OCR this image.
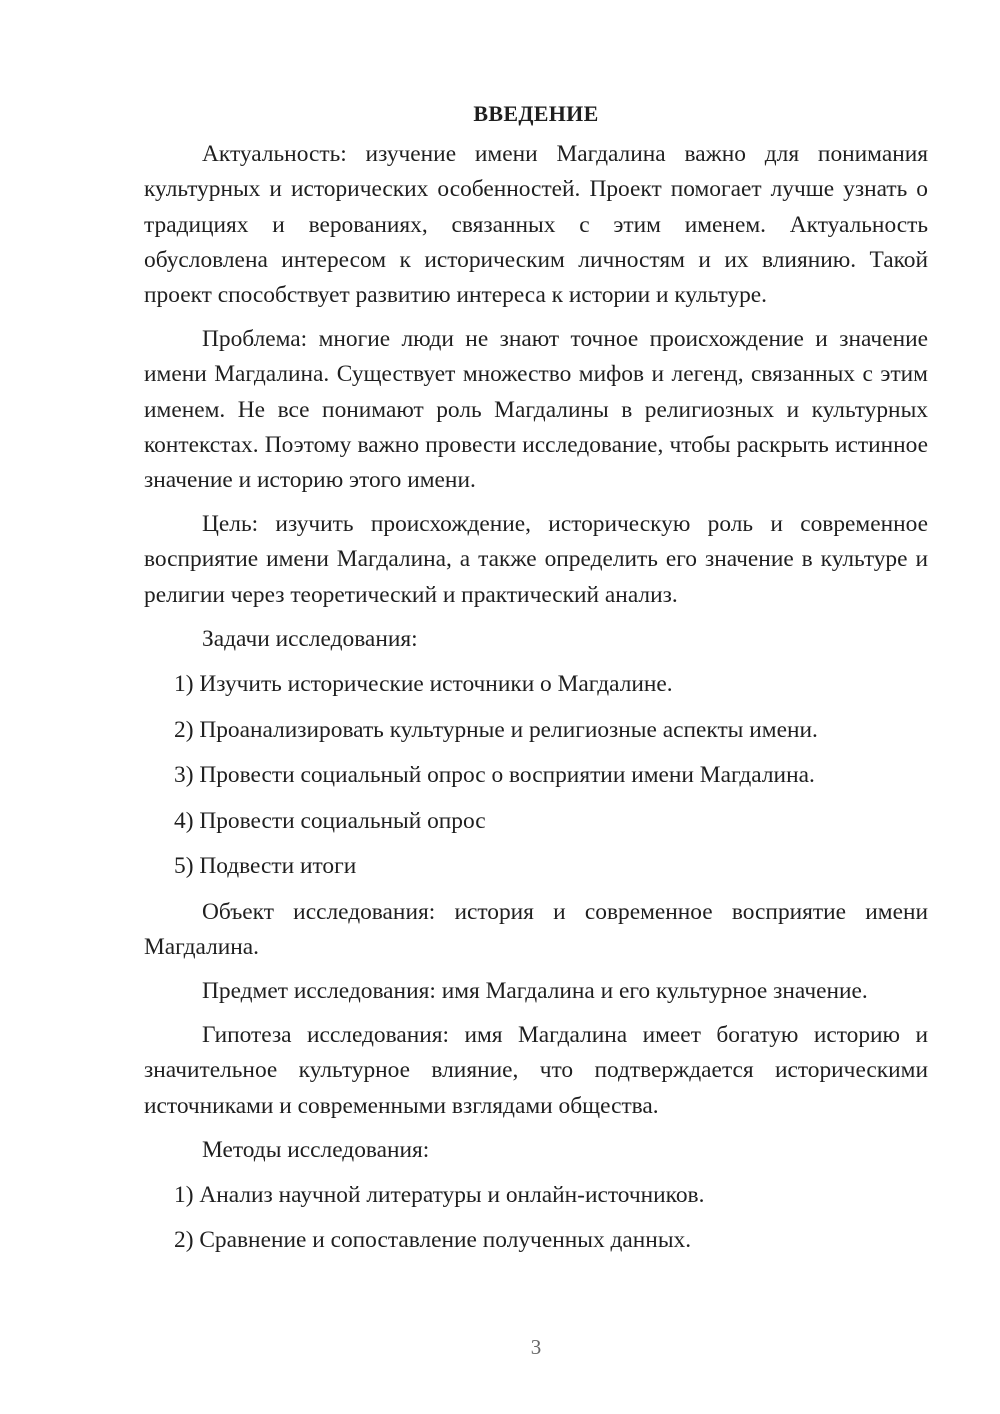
ВВЕДЕНИЕ

Актуальность: изучение имени Магдалина важно для понимания культурных и исторических особенностей. Проект помогает лучше узнать о традициях и верованиях, связанных с этим именем. Актуальность обусловлена интересом к историческим личностям и их влиянию. Такой проект способствует развитию интереса к истории и культуре.

Проблема: многие люди не знают точное происхождение и значение имени Магдалина. Существует множество мифов и легенд, связанных с этим именем. Не все понимают роль Магдалины в религиозных и культурных контекстах. Поэтому важно провести исследование, чтобы раскрыть истинное значение и историю этого имени.

Цель: изучить происхождение, историческую роль и современное восприятие имени Магдалина, а также определить его значение в культуре и религии через теоретический и практический анализ.

Задачи исследования:

1) Изучить исторические источники о Магдалине.
2) Проанализировать культурные и религиозные аспекты имени.
3) Провести социальный опрос о восприятии имени Магдалина.
4) Провести социальный опрос
5) Подвести итоги

Объект исследования: история и современное восприятие имени Магдалина.

Предмет исследования: имя Магдалина и его культурное значение.

Гипотеза исследования: имя Магдалина имеет богатую историю и значительное культурное влияние, что подтверждается историческими источниками и современными взглядами общества.

Методы исследования:

1) Анализ научной литературы и онлайн-источников.
2) Сравнение и сопоставление полученных данных.
3
